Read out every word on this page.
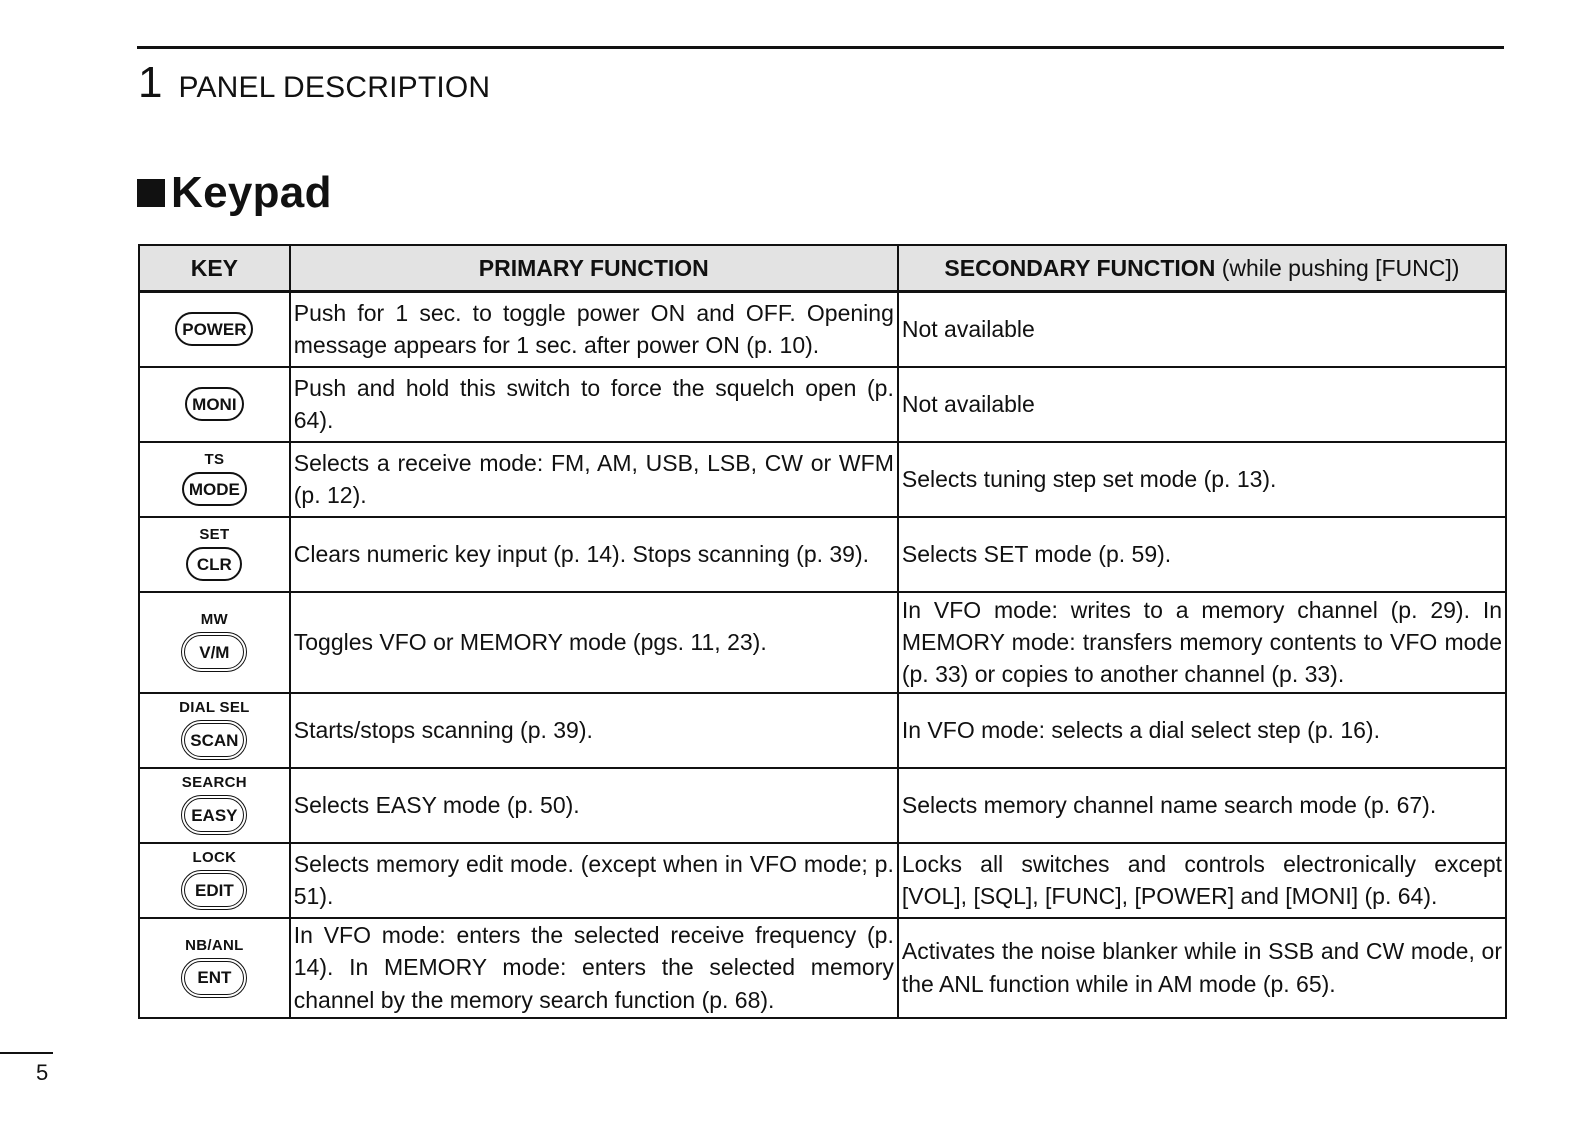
1 PANEL DESCRIPTION
Keypad
KEY	PRIMARY FUNCTION	SECONDARY FUNCTION (while pushing [FUNC])

POWER	Push for 1 sec. to toggle power ON and OFF. Opening message appears for 1 sec. after power ON (p. 10).	Not available

MONI	Push and hold this switch to force the squelch open (p. 64).	Not available

TS
MODE	Selects a receive mode: FM, AM, USB, LSB, CW or WFM (p. 12).	Selects tuning step set mode (p. 13).

SET
CLR	Clears numeric key input (p. 14). Stops scanning (p. 39).	Selects SET mode (p. 59).

MW
V/M	Toggles VFO or MEMORY mode (pgs. 11, 23).	In VFO mode: writes to a memory channel (p. 29). In MEMORY mode: transfers memory contents to VFO mode (p. 33) or copies to another channel (p. 33).

DIAL SEL
SCAN	Starts/stops scanning (p. 39).	In VFO mode: selects a dial select step (p. 16).

SEARCH
EASY	Selects EASY mode (p. 50).	Selects memory channel name search mode (p. 67).

LOCK
EDIT	Selects memory edit mode. (except when in VFO mode; p. 51).	Locks all switches and controls electronically except [VOL], [SQL], [FUNC], [POWER] and [MONI] (p. 64).

NB/ANL
ENT	In VFO mode: enters the selected receive frequency (p. 14). In MEMORY mode: enters the selected memory channel by the memory search function (p. 68).	Activates the noise blanker while in SSB and CW mode, or the ANL function while in AM mode (p. 65).
5
